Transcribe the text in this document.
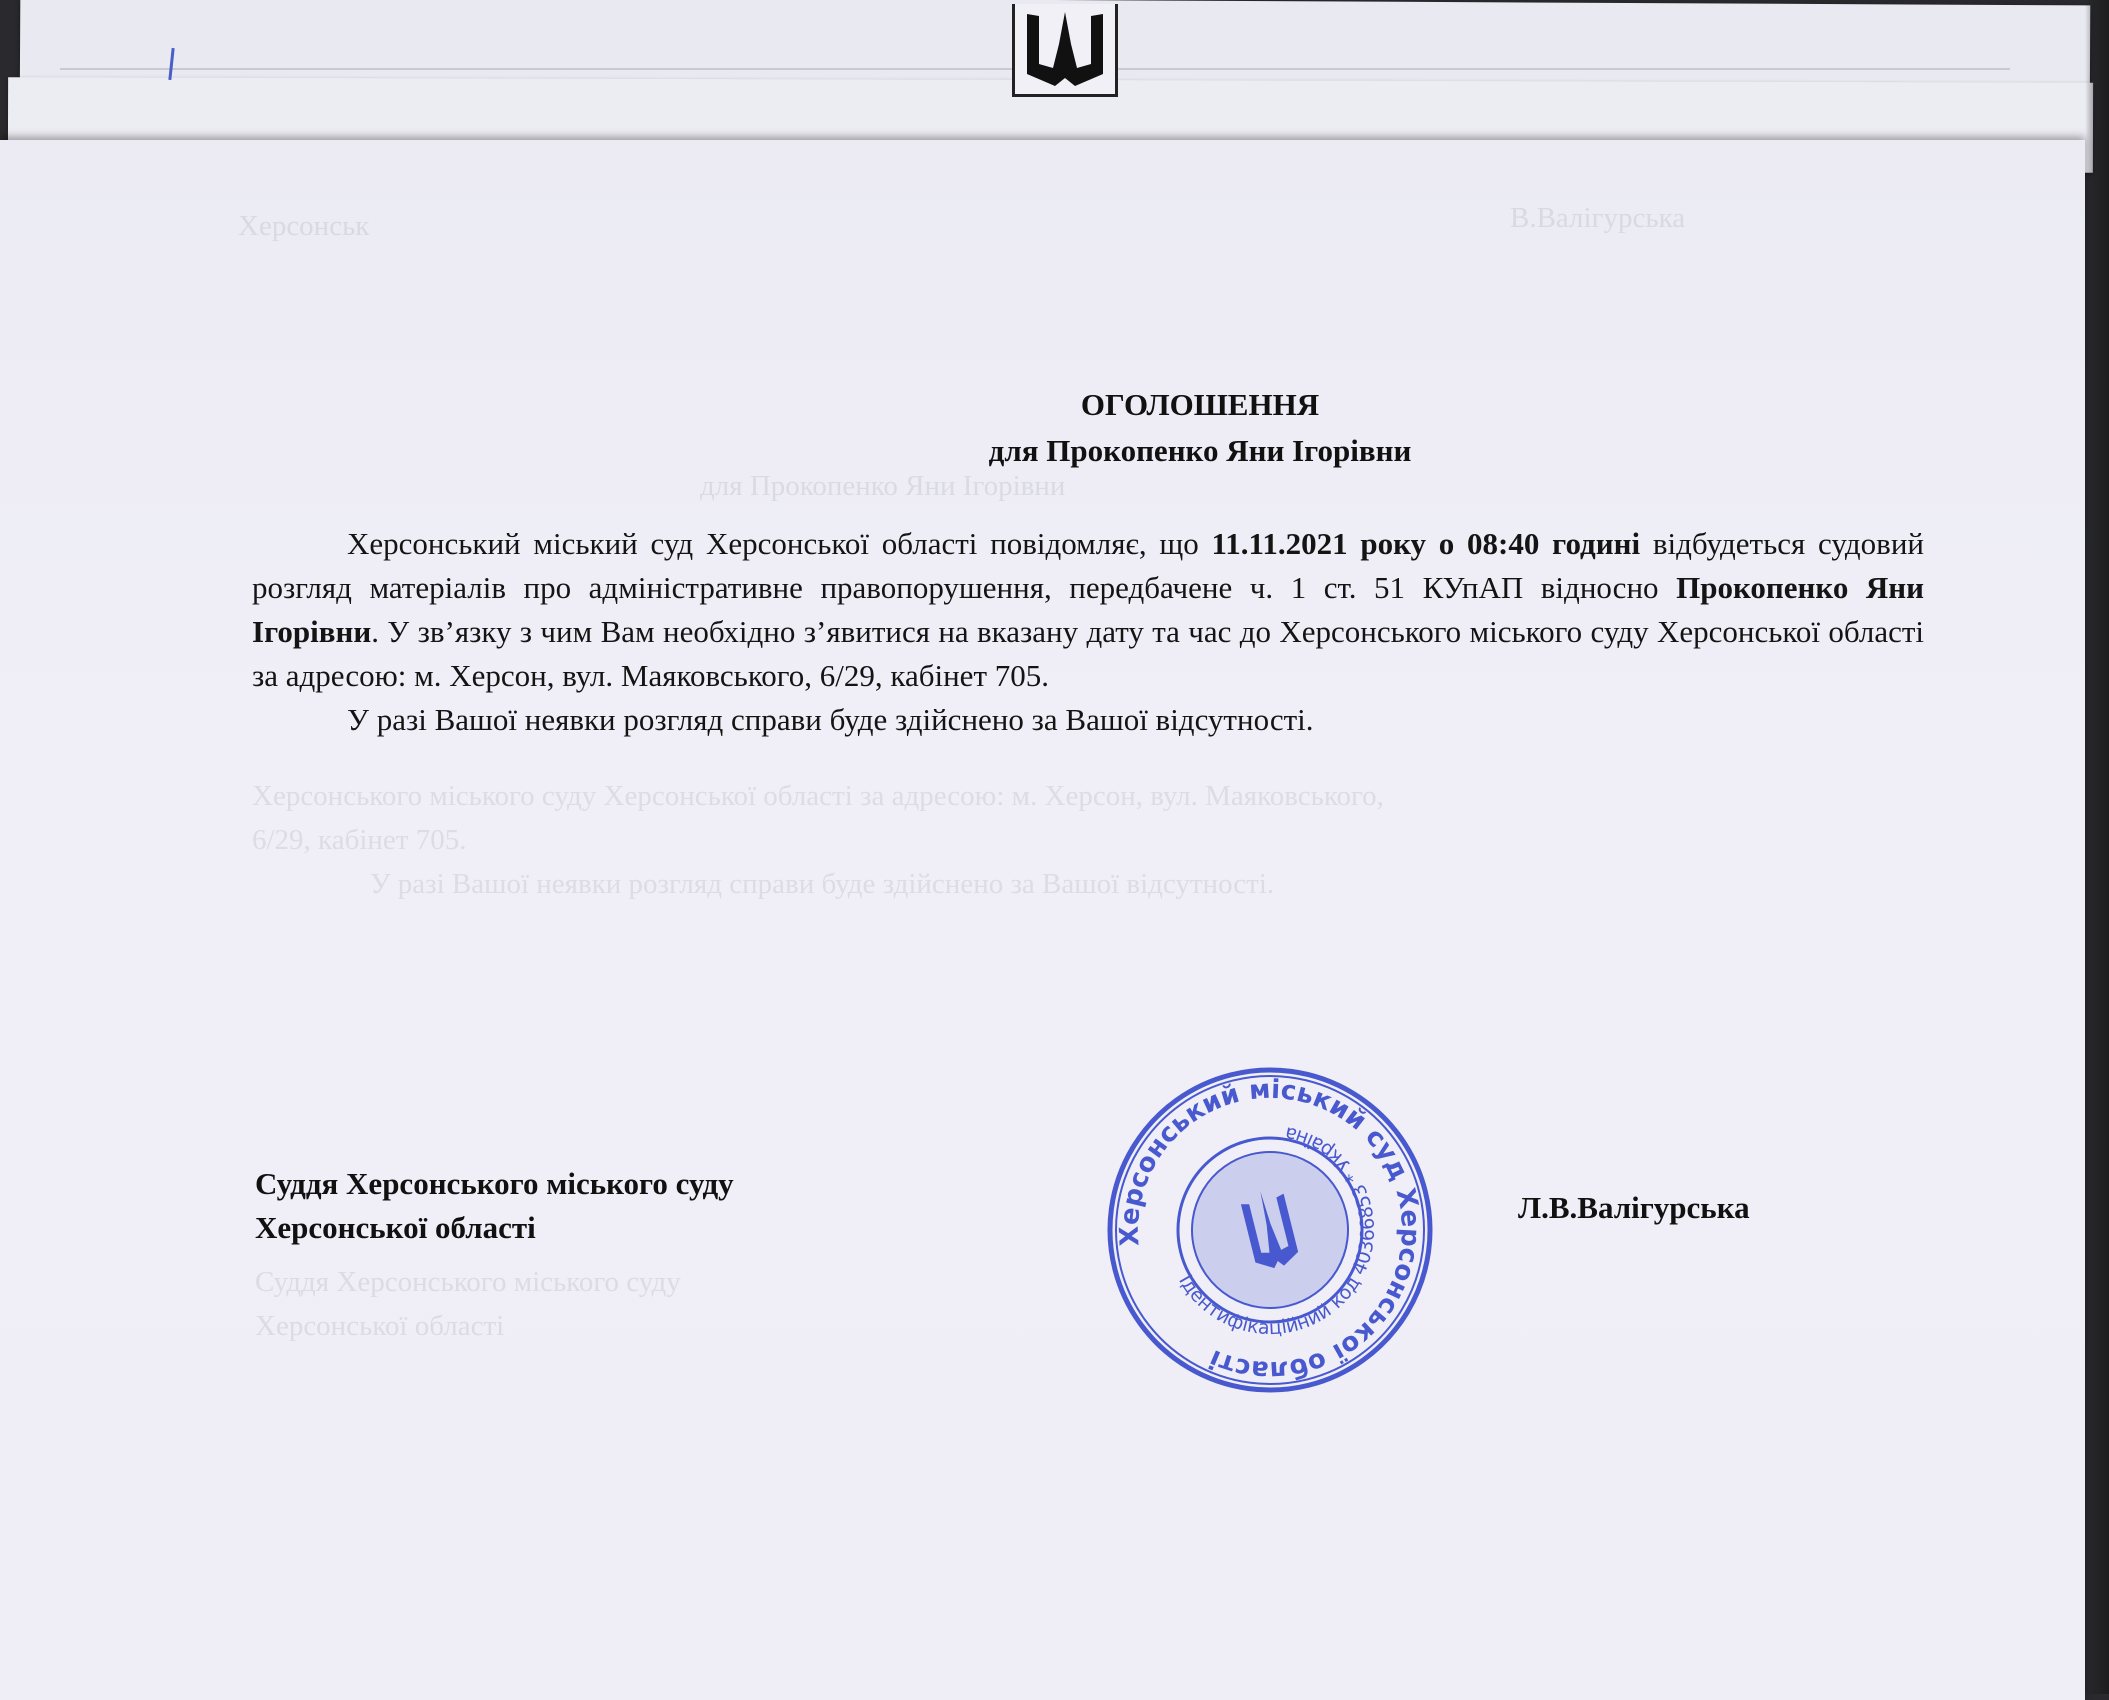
Херсонськ	В.Валігурська
для Прокопенко Яни Ігорівни
Херсонського міського суду Херсонської області за адресою: м. Херсон, вул. Маяковського,
6/29, кабінет 705.
У разі Вашої неявки розгляд справи буде здійснено за Вашої відсутності.
Суддя Херсонського міського суду
Херсонської області
ОГОЛОШЕННЯ
для Прокопенко Яни Ігорівни

Херсонський міський суд Херсонської області повідомляє, що 11.11.2021 року о 08:40 годині відбудеться судовий розгляд матеріалів про адміністративне правопорушення, передбачене ч. 1 ст. 51 КУпАП відносно Прокопенко Яни Ігорівни. У зв’язку з чим Вам необхідно з’явитися на вказану дату та час до Херсонського міського суду Херсонської області за адресою: м. Херсон, вул. Маяковського, 6/29, кабінет 705.

У разі Вашої неявки розгляд справи буде здійснено за Вашої відсутності.

Суддя Херсонського міського суду
Херсонської області
Л.В.Валігурська
Херсонський міський суд Херсонської області
Ідентифікаційний код 40366853 * Україна
